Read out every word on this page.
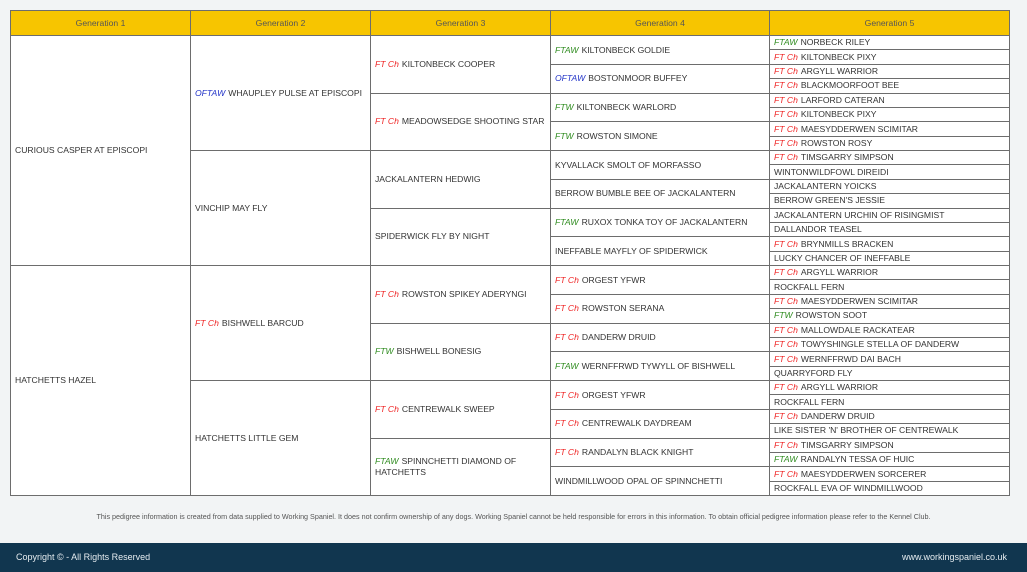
Generation 1	Generation 2	Generation 3	Generation 4	Generation 5
CURIOUS CASPER AT EPISCOPI	OFTAW WHAUPLEY PULSE AT EPISCOPI	FT Ch KILTONBECK COOPER	FTAW KILTONBECK GOLDIE	FTAW NORBECK RILEY
				FT Ch KILTONBECK PIXY
			OFTAW BOSTONMOOR BUFFEY	FT Ch ARGYLL WARRIOR
				FT Ch BLACKMOORFOOT BEE
		FT Ch MEADOWSEDGE SHOOTING STAR	FTW KILTONBECK WARLORD	FT Ch LARFORD CATERAN
				FT Ch KILTONBECK PIXY
			FTW ROWSTON SIMONE	FT Ch MAESYDDERWEN SCIMITAR
				FT Ch ROWSTON ROSY
	VINCHIP MAY FLY	JACKALANTERN HEDWIG	KYVALLACK SMOLT OF MORFASSO	FT Ch TIMSGARRY SIMPSON
				WINTONWILDFOWL DIREIDI
			BERROW BUMBLE BEE OF JACKALANTERN	JACKALANTERN YOICKS
				BERROW GREEN'S JESSIE
		SPIDERWICK FLY BY NIGHT	FTAW RUXOX TONKA TOY OF JACKALANTERN	JACKALANTERN URCHIN OF RISINGMIST
				DALLANDOR TEASEL
			INEFFABLE MAYFLY OF SPIDERWICK	FT Ch BRYNMILLS BRACKEN
				LUCKY CHANCER OF INEFFABLE
HATCHETTS HAZEL	FT Ch BISHWELL BARCUD	FT Ch ROWSTON SPIKEY ADERYNGI	FT Ch ORGEST YFWR	FT Ch ARGYLL WARRIOR
				ROCKFALL FERN
			FT Ch ROWSTON SERANA	FT Ch MAESYDDERWEN SCIMITAR
				FTW ROWSTON SOOT
		FTW BISHWELL BONESIG	FT Ch DANDERW DRUID	FT Ch MALLOWDALE RACKATEAR
				FT Ch TOWYSHINGLE STELLA OF DANDERW
			FTAW WERNFFRWD TYWYLL OF BISHWELL	FT Ch WERNFFRWD DAI BACH
				QUARRYFORD FLY
	HATCHETTS LITTLE GEM	FT Ch CENTREWALK SWEEP	FT Ch ORGEST YFWR	FT Ch ARGYLL WARRIOR
				ROCKFALL FERN
			FT Ch CENTREWALK DAYDREAM	FT Ch DANDERW DRUID
				LIKE SISTER 'N' BROTHER OF CENTREWALK
		FTAW SPINNCHETTI DIAMOND OF HATCHETTS	FT Ch RANDALYN BLACK KNIGHT	FT Ch TIMSGARRY SIMPSON
				FTAW RANDALYN TESSA OF HUIC
			WINDMILLWOOD OPAL OF SPINNCHETTI	FT Ch MAESYDDERWEN SORCERER
				ROCKFALL EVA OF WINDMILLWOOD
This pedigree information is created from data supplied to Working Spaniel. It does not confirm ownership of any dogs. Working Spaniel cannot be held responsible for errors in this information. To obtain official pedigree information please refer to the Kennel Club.
Copyright © - All Rights Reserved	www.workingspaniel.co.uk
